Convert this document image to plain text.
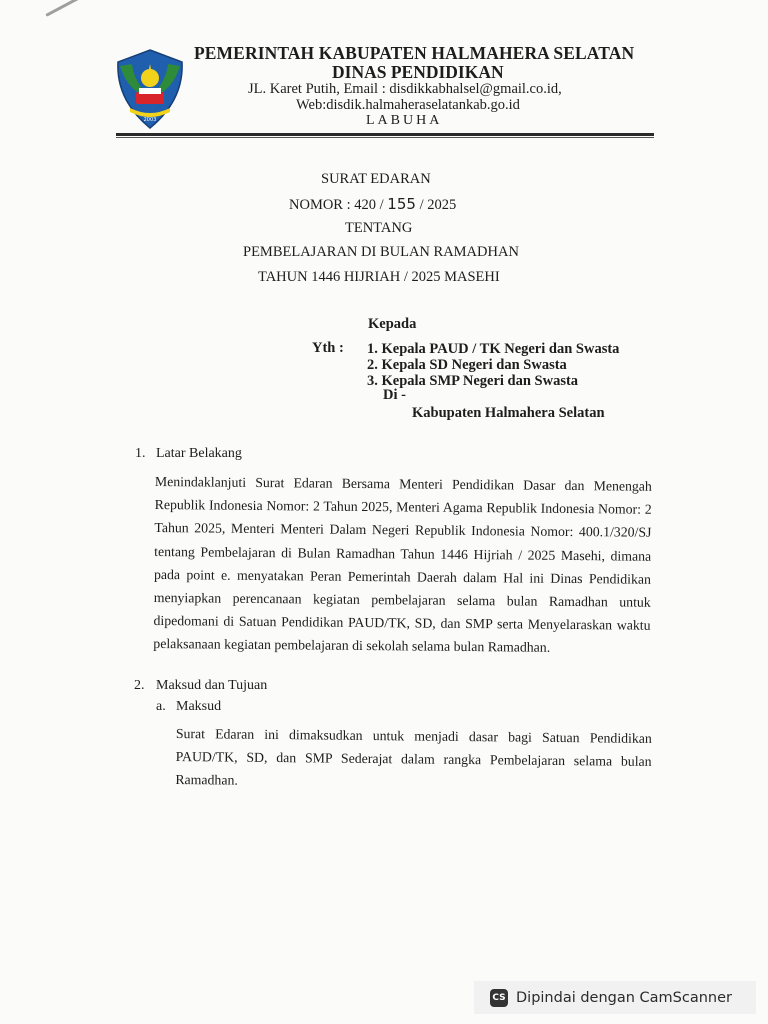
2003
PEMERINTAH KABUPATEN HALMAHERA SELATAN
DINAS PENDIDIKAN
JL. Karet Putih, Email : disdikkabhalsel@gmail.co.id,
Web:disdik.halmaheraselatankab.go.id
LABUHA
SURAT EDARAN
NOMOR : 420 / 155 / 2025
TENTANG
PEMBELAJARAN DI BULAN RAMADHAN
TAHUN 1446 HIJRIAH / 2025 MASEHI
Kepada
Yth : 1. Kepala PAUD / TK Negeri dan Swasta
2. Kepala SD Negeri dan Swasta
3. Kepala SMP Negeri dan Swasta
Di -
Kabupaten Halmahera Selatan
1. Latar Belakang
Menindaklanjuti Surat Edaran Bersama Menteri Pendidikan Dasar dan Menengah Republik Indonesia Nomor: 2 Tahun 2025, Menteri Agama Republik Indonesia Nomor: 2 Tahun 2025, Menteri Menteri Dalam Negeri Republik Indonesia Nomor: 400.1/320/SJ tentang Pembelajaran di Bulan Ramadhan Tahun 1446 Hijriah / 2025 Masehi, dimana pada point e. menyatakan Peran Pemerintah Daerah dalam Hal ini Dinas Pendidikan menyiapkan perencanaan kegiatan pembelajaran selama bulan Ramadhan untuk dipedomani di Satuan Pendidikan PAUD/TK, SD, dan SMP serta Menyelaraskan waktu pelaksanaan kegiatan pembelajaran di sekolah selama bulan Ramadhan.
2. Maksud dan Tujuan
a. Maksud
Surat Edaran ini dimaksudkan untuk menjadi dasar bagi Satuan Pendidikan PAUD/TK, SD, dan SMP Sederajat dalam rangka Pembelajaran selama bulan Ramadhan.
CS Dipindai dengan CamScanner
